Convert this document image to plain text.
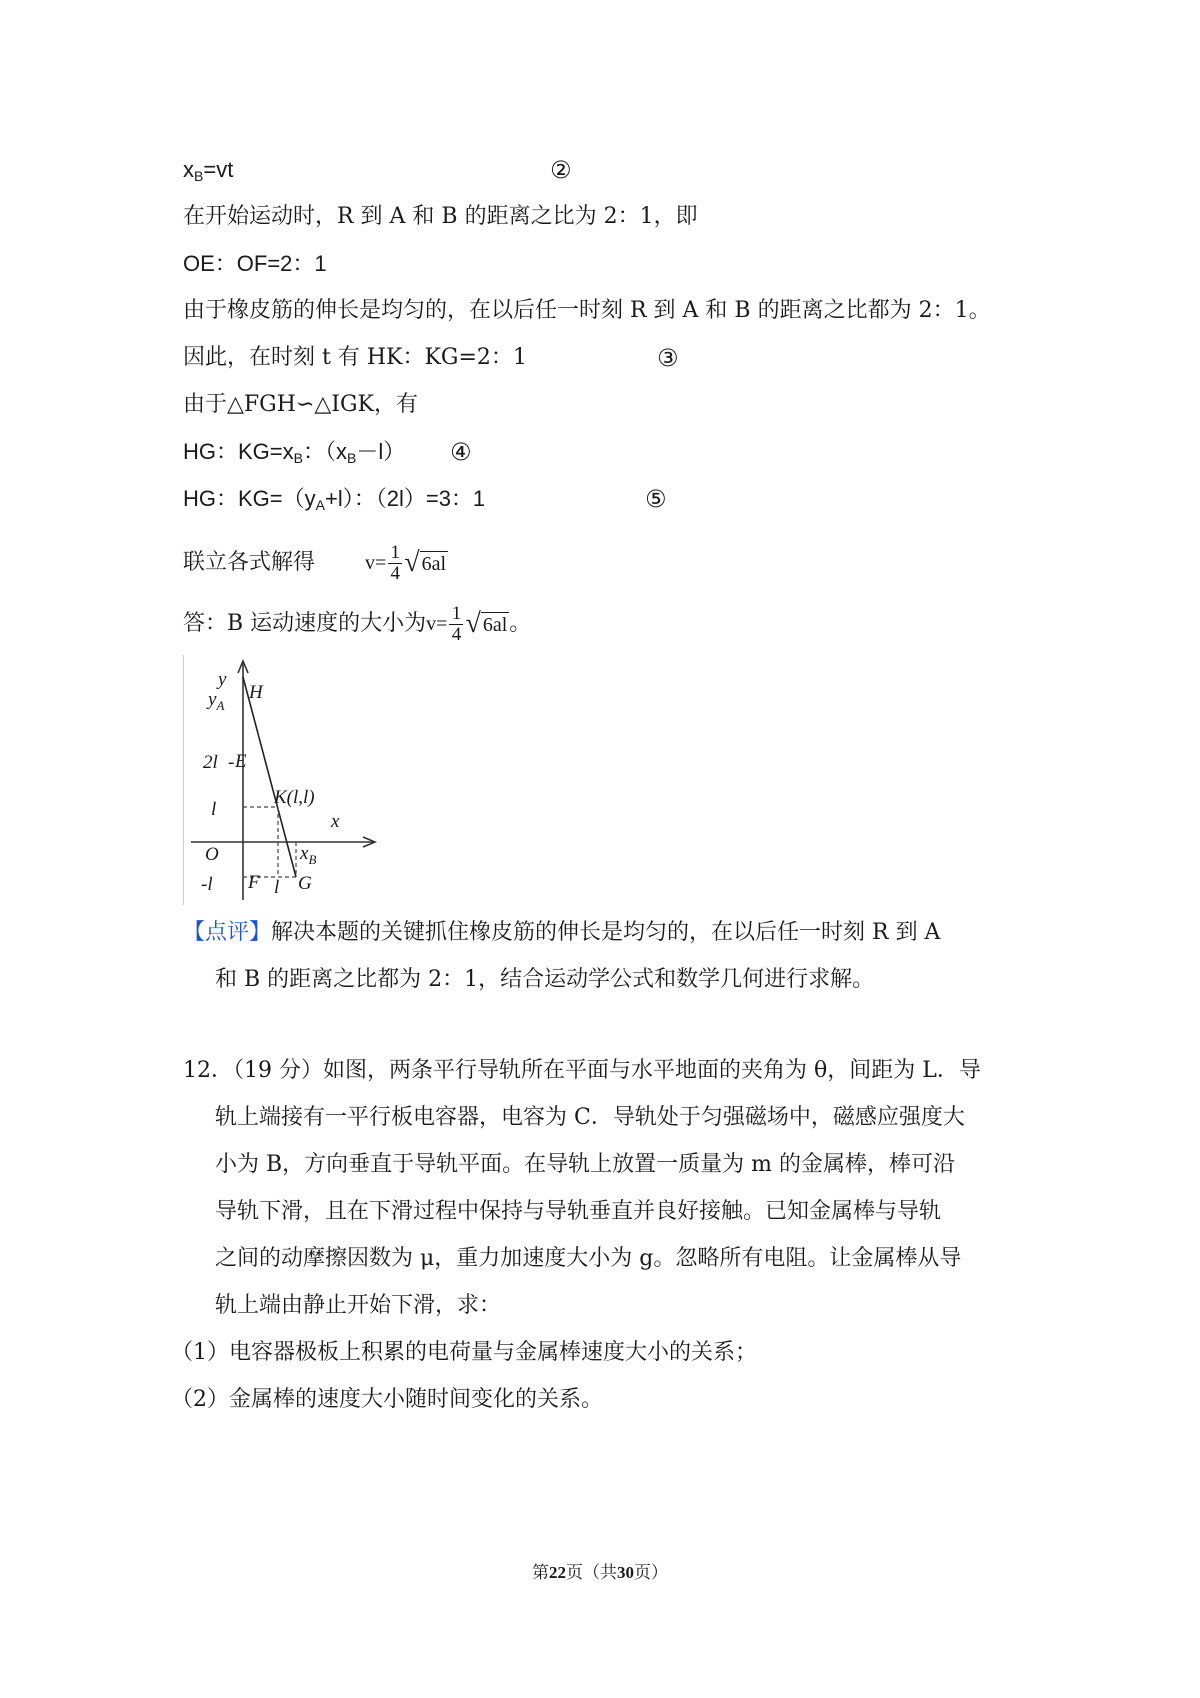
$x_B=vt$	②
在开始运动时，R 到 A 和 B 的距离之比为 2：1，即
OE：OF=2：1
由于橡皮筋的伸长是均匀的，在以后任一时刻 R 到 A 和 B 的距离之比都为 2：1。
因此，在时刻 t 有 HK：KG=2：1	③
由于△FGH∽△IGK，有
HG：$KG=x_B$：$(x_B-l)$ ④
HG：$KG=(y_A+l)$：（2l）=3：1	⑤
联立各式解得	v= 1
4 √ 6al
答：B 运动速度的大小为 v= 1
4 √ 6al 。
y
$y_A$
H
2l - E
l
K(l,l)
x
O	$x_B$
-l F l G
【点评】解决本题的关键抓住橡皮筋的伸长是均匀的，在以后任一时刻 R 到 A
和 B 的距离之比都为 2：1，结合运动学公式和数学几何进行求解。
12．（19 分）如图，两条平行导轨所在平面与水平地面的夹角为 θ，间距为 L．导
轨上端接有一平行板电容器，电容为 C．导轨处于匀强磁场中，磁感应强度大
小为 B，方向垂直于导轨平面。在导轨上放置一质量为 m 的金属棒，棒可沿
导轨下滑，且在下滑过程中保持与导轨垂直并良好接触。已知金属棒与导轨
之间的动摩擦因数为 μ，重力加速度大小为 g。忽略所有电阻。让金属棒从导
轨上端由静止开始下滑，求：
（1）电容器极板上积累的电荷量与金属棒速度大小的关系；
（2）金属棒的速度大小随时间变化的关系。
第22页（共30页）
